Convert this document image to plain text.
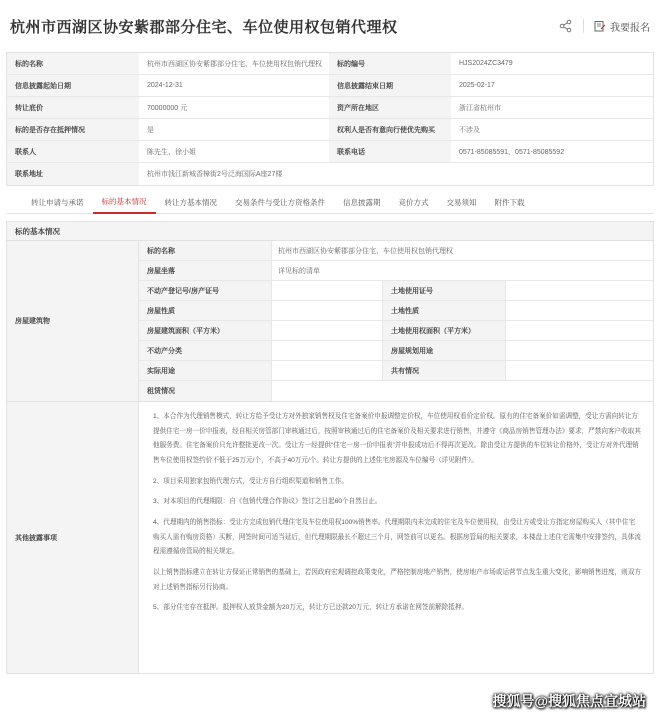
杭州市西湖区协安紫郡部分住宅、车位使用权包销代理权	我要报名
标的名称	杭州市西湖区协安紫郡部分住宅、车位使用权包销代理权	标的编号	HJS2024ZC3479
信息披露起始日期	2024-12-31	信息披露结束日期	2025-02-17
转让底价	70000000 元	资产所在地区	浙江省杭州市
标的是否存在抵押情况	是	权利人是否有意向行使优先购买	不涉及
联系人	陈先生、徐小姐	联系电话	0571-85085591、0571-85085592
联系地址	杭州市钱江新城香樟街2号泛海国际A座27楼
转让申请与承诺	标的基本情况	转让方基本情况	交易条件与受让方资格条件	信息披露期	竞价方式	交易须知	附件下载
标的基本情况
房屋建筑物
标的名称	杭州市西湖区协安紫郡部分住宅、车位使用权包销代理权
房屋坐落	详见标的清单
不动产登记号/房产证号	土地使用证号
房屋性质	土地性质
房屋建筑面积（平方米）	土地使用权面积（平方米）
不动产分类	房屋规划用途
实际用途	共有情况
租赁情况
其他披露事项

1、本合作为代理销售模式，转让方给予受让方对外独家销售权及住宅备案价申报调整定价权，车位使用权看价定价权。原有的住宅备案价如需调整，受让方需向转让方提供住宅一房一价申报表，经自相关房管部门审核通过后，按照审核通过后的住宅备案价及相关要求进行销售，并遵守《商品房销售管理办法》要求，严禁向客户收取其他服务费。住宅备案价只允许整批更改一次。受让方一经提供“住宅一房一价申报表”并申报成功后不得再次更改。除由受让方提供的车位转让价格外，受让方对外代理销售车位使用权签约价不低于25万元/个，不高于40万元/个。转让方提供的上述住宅房源及车位编号（详见附件）。

2、项目采用独家包销代理方式，受让方自行组织渠道和销售工作。

3、对本项目的代理期限：自《包销代理合作协议》签订之日起60个自然日止。

4、代理期内的销售指标：受让方完成包销代理住宅及车位使用权100%销售率。代理期限内未完成的住宅及车位使用权，由受让方或受让方指定房屋购买人（其中住宅购买人需有购房资格）买断，网签时间可适当延后，但代理期限最长不超过三个月，网签前可以更名。根据房管局的相关要求，本楼盘上述住宅需集中安排签约，具体流程需遵循房管局的相关规定。

以上销售指标建立在转让方保证正常销售的基础上，若因政府宏观调控政策变化，严格控制房地产销售，使房地产市场或运营节点发生重大变化，影响销售进度，则双方对上述销售指标另行协商。

5、部分住宅存在抵押。抵押权人放贷金额为20万元，转让方已还款20万元，转让方承诺在网签前解除抵押。

搜狐号@搜狐焦点宜城站
